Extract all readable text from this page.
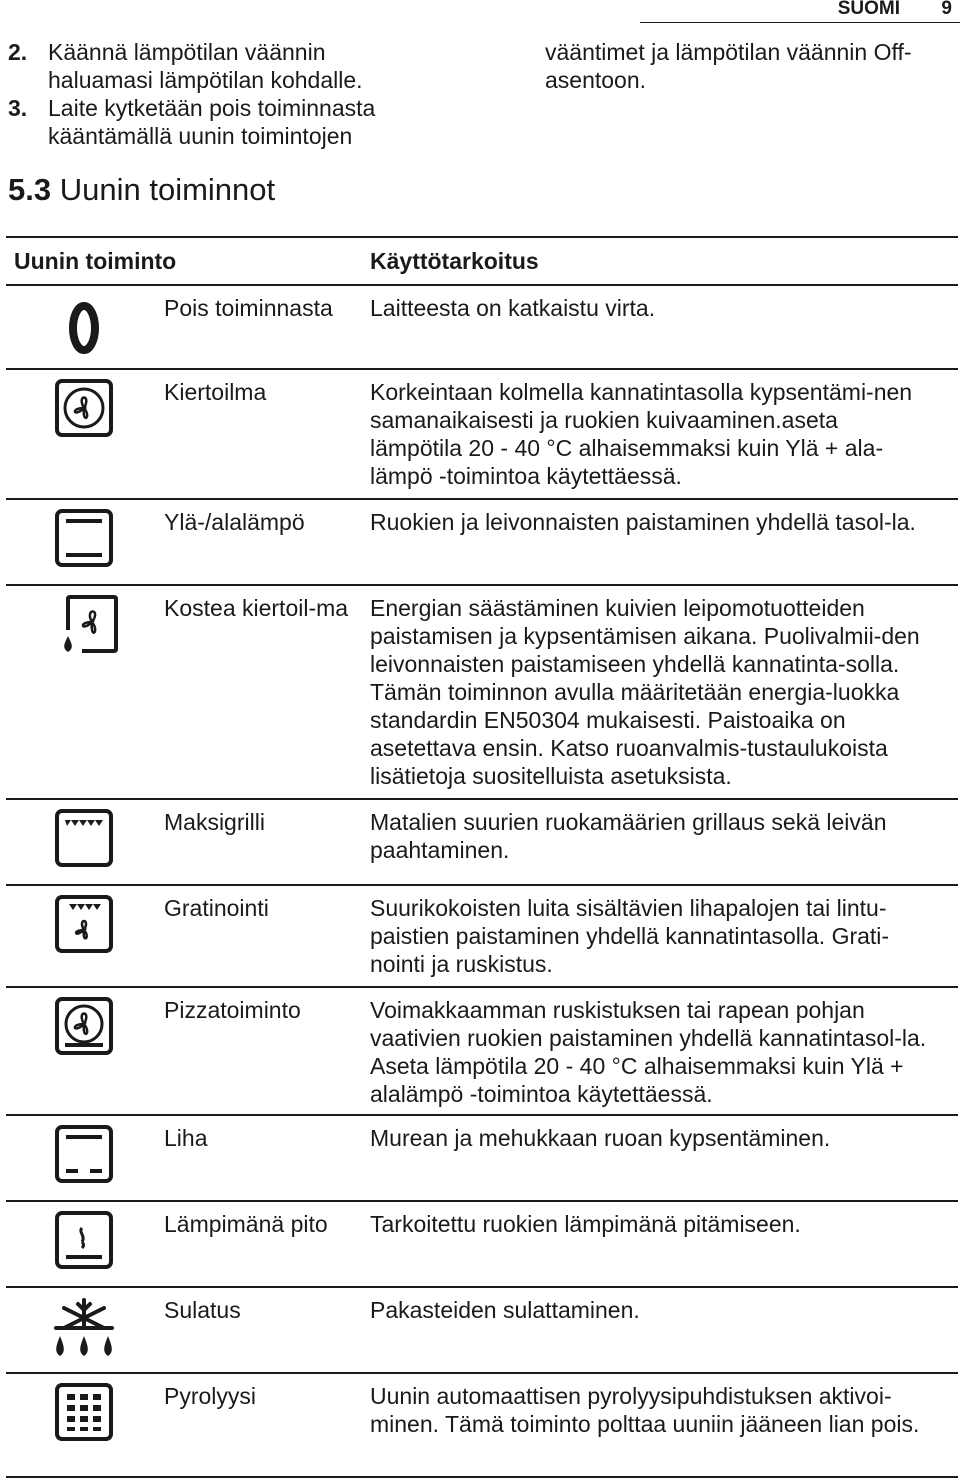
SUOMI 9
2. Käännä lämpötilan väännin haluamasi lämpötilan kohdalle.
3. Laite kytketään pois toiminnasta kääntämällä uunin toimintojen
vääntimet ja lämpötilan väännin Off-asentoon.
5.3 Uunin toiminnot
Uunin toiminto		Käyttötarkoitus

	Pois toiminnasta	Laitteesta on katkaistu virta.

	Kiertoilma	Korkeintaan kolmella kannatintasolla kypsentämi-nen samanaikaisesti ja ruokien kuivaaminen.aseta lämpötila 20 - 40 °C alhaisemmaksi kuin Ylä + ala-lämpö -toimintoa käytettäessä.

	Ylä-/alalämpö	Ruokien ja leivonnaisten paistaminen yhdellä tasol-la.

	Kostea kiertoil-ma	Energian säästäminen kuivien leipomotuotteiden paistamisen ja kypsentämisen aikana. Puolivalmii-den leivonnaisten paistamiseen yhdellä kannatinta-solla. Tämän toiminnon avulla määritetään energia-luokka standardin EN50304 mukaisesti. Paistoaika on asetettava ensin. Katso ruoanvalmis-tustaulukoista lisätietoja suositelluista asetuksista.

	Maksigrilli	Matalien suurien ruokamäärien grillaus sekä leivän paahtaminen.

	Gratinointi	Suurikokoisten luita sisältävien lihapalojen tai lintu-paistien paistaminen yhdellä kannatintasolla. Grati-nointi ja ruskistus.

	Pizzatoiminto	Voimakkaamman ruskistuksen tai rapean pohjan vaativien ruokien paistaminen yhdellä kannatintasol-la. Aseta lämpötila 20 - 40 °C alhaisemmaksi kuin Ylä + alalämpö -toimintoa käytettäessä.

	Liha	Murean ja mehukkaan ruoan kypsentäminen.

	Lämpimänä pito	Tarkoitettu ruokien lämpimänä pitämiseen.

	Sulatus	Pakasteiden sulattaminen.

	Pyrolyysi	Uunin automaattisen pyrolyysipuhdistuksen aktivoi-minen. Tämä toiminto polttaa uuniin jääneen lian pois.
